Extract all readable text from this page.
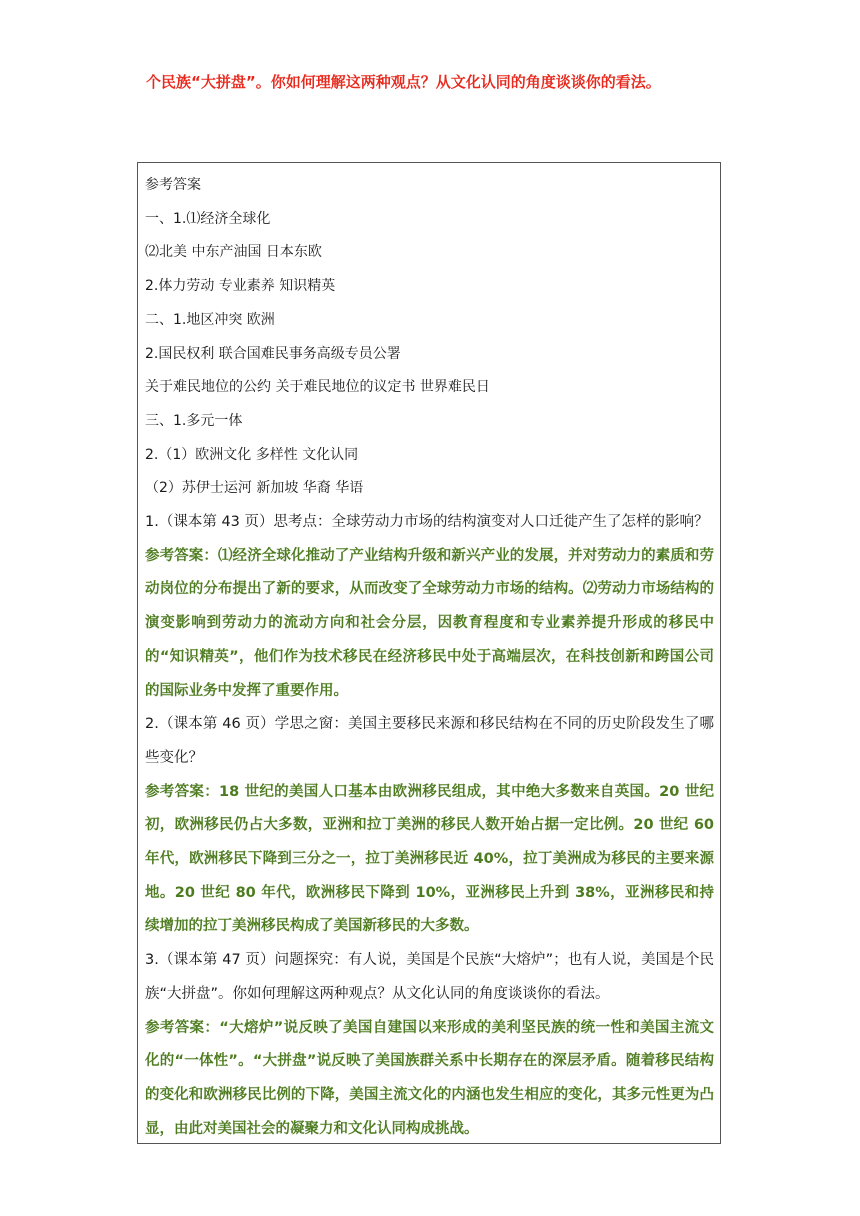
个民族“大拼盘”。你如何理解这两种观点？从文化认同的角度谈谈你的看法。
参考答案
一、1.⑴经济全球化
⑵北美 中东产油国 日本东欧
2.体力劳动 专业素养 知识精英
二、1.地区冲突 欧洲
2.国民权利 联合国难民事务高级专员公署
关于难民地位的公约 关于难民地位的议定书 世界难民日
三、1.多元一体
2.（1）欧洲文化 多样性 文化认同
（2）苏伊士运河 新加坡 华裔 华语

1.（课本第 43 页）思考点：全球劳动力市场的结构演变对人口迁徙产生了怎样的影响？

参考答案：⑴经济全球化推动了产业结构升级和新兴产业的发展，并对劳动力的素质和劳动岗位的分布提出了新的要求，从而改变了全球劳动力市场的结构。⑵劳动力市场结构的演变影响到劳动力的流动方向和社会分层，因教育程度和专业素养提升形成的移民中的“知识精英”，他们作为技术移民在经济移民中处于高端层次，在科技创新和跨国公司的国际业务中发挥了重要作用。

2.（课本第 46 页）学思之窗：美国主要移民来源和移民结构在不同的历史阶段发生了哪些变化？

参考答案：18 世纪的美国人口基本由欧洲移民组成，其中绝大多数来自英国。20 世纪初，欧洲移民仍占大多数，亚洲和拉丁美洲的移民人数开始占据一定比例。20 世纪 60 年代，欧洲移民下降到三分之一，拉丁美洲移民近 40%，拉丁美洲成为移民的主要来源地。20 世纪 80 年代，欧洲移民下降到 10%，亚洲移民上升到 38%，亚洲移民和持续增加的拉丁美洲移民构成了美国新移民的大多数。

3.（课本第 47 页）问题探究：有人说，美国是个民族“大熔炉”；也有人说，美国是个民族“大拼盘”。你如何理解这两种观点？从文化认同的角度谈谈你的看法。

参考答案：“大熔炉”说反映了美国自建国以来形成的美利坚民族的统一性和美国主流文化的“一体性”。“大拼盘”说反映了美国族群关系中长期存在的深层矛盾。随着移民结构的变化和欧洲移民比例的下降，美国主流文化的内涵也发生相应的变化，其多元性更为凸显，由此对美国社会的凝聚力和文化认同构成挑战。
